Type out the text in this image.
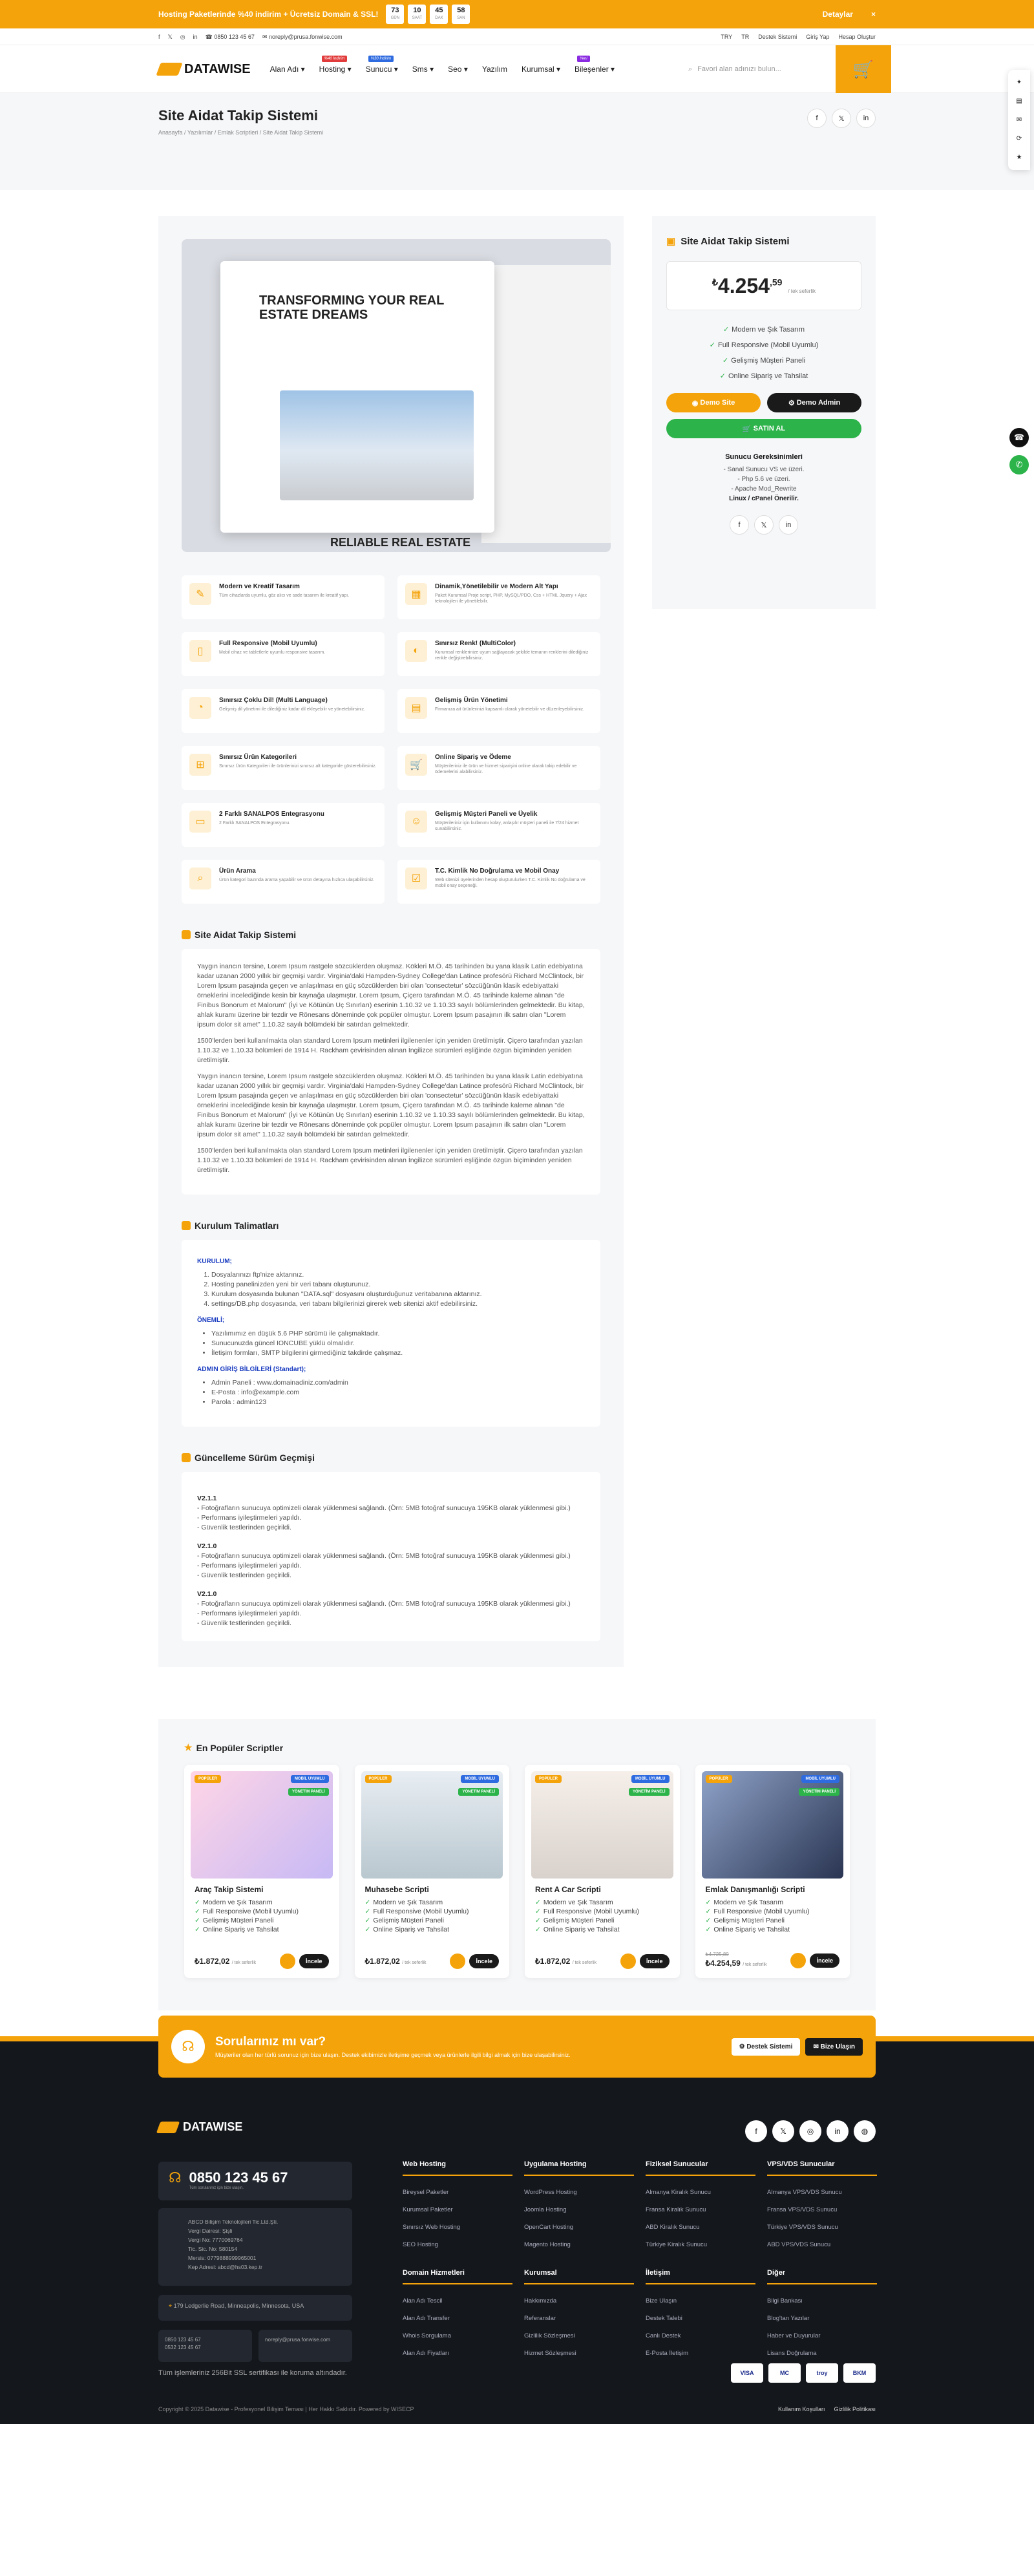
Hosting Paketlerinde %40 indirim + Ücretsiz Domain & SSL!	73
GÜN
10
SAAT
45
DAK
58
SAN	Detaylar ×
f 𝕏 ◎ in ☎ 0850 123 45 67 ✉ noreply@prusa.fonwise.com	TRY TR Destek Sistemi Giriş Yap Hesap Oluştur
DATAWISE	Alan Adı ▾
%40 İndirim
Hosting ▾
%30 İndirim
Sunucu ▾ Sms ▾ Seo ▾ Yazılım Kurumsal ▾
Yeni
Bileşenler ▾	⌕ Favori alan adınızı bulun...	🛒
Site Aidat Takip Sistemi
Anasayfa / Yazılımlar / Emlak Scriptleri / Site Aidat Takip Sistemi
f	𝕏	in
✦
▤
✉
⟳
★
☎
✆
TRANSFORMING YOUR REAL ESTATE DREAMS
RELIABLE REAL ESTATE
✎
Modern ve Kreatif Tasarım

Tüm cihazlarda uyumlu, göz alıcı ve sade tasarım ile kreatif yapı.	▦
Dinamik,Yönetilebilir ve Modern Alt Yapı

Paket Kurumsal Proje script, PHP, MySQL/PDO, Css + HTML Jquery + Ajax teknolojileri ile yönetilebilir.

▯
Full Responsive (Mobil Uyumlu)

Mobil cihaz ve tabletlerle uyumlu responsive tasarım.	◐
Sınırsız Renk! (MultiColor)

Kurumsal renklerinize uyum sağlayacak şekilde temanın renklerini dilediğiniz renkle değiştirebilirsiniz.

◔
Sınırsız Çoklu Dil! (Multi Language)

Gelişmiş dil yönetimi ile dilediğiniz kadar dil ekleyebilir ve yönetebilirsiniz.	▤
Gelişmiş Ürün Yönetimi

Firmanıza ait ürünlerinizi kapsamlı olarak yönetebilir ve düzenleyebilirsiniz.

⊞
Sınırsız Ürün Kategorileri

Sınırsız Ürün Kategorileri ile ürünlerinizi sınırsız alt kategoride gösterebilirsiniz.	🛒
Online Sipariş ve Ödeme

Müşterileriniz ile ürün ve hizmet siparişini online olarak takip edebilir ve ödemelerini alabilirsiniz.

▭
2 Farklı SANALPOS Entegrasyonu

2 Farklı SANALPOS Entegrasyonu.	☺
Gelişmiş Müşteri Paneli ve Üyelik

Müşterileriniz için kullanımı kolay, anlaşılır müşteri paneli ile 7/24 hizmet sunabilirsiniz.

⌕
Ürün Arama

Ürün kategori bazında arama yapabilir ve ürün detayına hızlıca ulaşabilirsiniz.	☑
T.C. Kimlik No Doğrulama ve Mobil Onay

Web sitenizi üyelerinden hesap oluşturulurken T.C. Kimlik No doğrulama ve mobil onay seçeneği.

Site Aidat Takip Sistemi

Yaygın inancın tersine, Lorem Ipsum rastgele sözcüklerden oluşmaz. Kökleri M.Ö. 45 tarihinden bu yana klasik Latin edebiyatına kadar uzanan 2000 yıllık bir geçmişi vardır. Virginia'daki Hampden-Sydney College'dan Latince profesörü Richard McClintock, bir Lorem Ipsum pasajında geçen ve anlaşılması en güç sözcüklerden biri olan 'consectetur' sözcüğünün klasik edebiyattaki örneklerini incelediğinde kesin bir kaynağa ulaşmıştır. Lorem Ipsum, Çiçero tarafından M.Ö. 45 tarihinde kaleme alınan "de Finibus Bonorum et Malorum" (İyi ve Kötünün Uç Sınırları) eserinin 1.10.32 ve 1.10.33 sayılı bölümlerinden gelmektedir. Bu kitap, ahlak kuramı üzerine bir tezdir ve Rönesans döneminde çok popüler olmuştur. Lorem Ipsum pasajının ilk satırı olan "Lorem ipsum dolor sit amet" 1.10.32 sayılı bölümdeki bir satırdan gelmektedir.

1500'lerden beri kullanılmakta olan standard Lorem Ipsum metinleri ilgilenenler için yeniden üretilmiştir. Çiçero tarafından yazılan 1.10.32 ve 1.10.33 bölümleri de 1914 H. Rackham çevirisinden alınan İngilizce sürümleri eşliğinde özgün biçiminden yeniden üretilmiştir.

Yaygın inancın tersine, Lorem Ipsum rastgele sözcüklerden oluşmaz. Kökleri M.Ö. 45 tarihinden bu yana klasik Latin edebiyatına kadar uzanan 2000 yıllık bir geçmişi vardır. Virginia'daki Hampden-Sydney College'dan Latince profesörü Richard McClintock, bir Lorem Ipsum pasajında geçen ve anlaşılması en güç sözcüklerden biri olan 'consectetur' sözcüğünün klasik edebiyattaki örneklerini incelediğinde kesin bir kaynağa ulaşmıştır. Lorem Ipsum, Çiçero tarafından M.Ö. 45 tarihinde kaleme alınan "de Finibus Bonorum et Malorum" (İyi ve Kötünün Uç Sınırları) eserinin 1.10.32 ve 1.10.33 sayılı bölümlerinden gelmektedir. Bu kitap, ahlak kuramı üzerine bir tezdir ve Rönesans döneminde çok popüler olmuştur. Lorem Ipsum pasajının ilk satırı olan "Lorem ipsum dolor sit amet" 1.10.32 sayılı bölümdeki bir satırdan gelmektedir.

1500'lerden beri kullanılmakta olan standard Lorem Ipsum metinleri ilgilenenler için yeniden üretilmiştir. Çiçero tarafından yazılan 1.10.32 ve 1.10.33 bölümleri de 1914 H. Rackham çevirisinden alınan İngilizce sürümleri eşliğinde özgün biçiminden yeniden üretilmiştir.

Kurulum Talimatları
KURULUM;
1. Dosyalarınızı ftp'nize aktarınız.
2. Hosting panelinizden yeni bir veri tabanı oluşturunuz.
3. Kurulum dosyasında bulunan "DATA.sql" dosyasını oluşturduğunuz veritabanına aktarınız.
4. settings/DB.php dosyasında, veri tabanı bilgilerinizi girerek web sitenizi aktif edebilirsiniz.
ÖNEMLİ;
• Yazılımımız en düşük 5.6 PHP sürümü ile çalışmaktadır.
• Sunucunuzda güncel IONCUBE yüklü olmalıdır.
• İletişim formları, SMTP bilgilerini girmediğiniz takdirde çalışmaz.
ADMIN GİRİŞ BİLGİLERİ (Standart);
• Admin Paneli : www.domainadiniz.com/admin
• E-Posta : info@example.com
• Parola : admin123
Güncelleme Sürüm Geçmişi
V2.1.1
- Fotoğrafların sunucuya optimizeli olarak yüklenmesi sağlandı. (Örn: 5MB fotoğraf sunucuya 195KB olarak yüklenmesi gibi.)
- Performans iyileştirmeleri yapıldı.
- Güvenlik testlerinden geçirildi.
V2.1.0
- Fotoğrafların sunucuya optimizeli olarak yüklenmesi sağlandı. (Örn: 5MB fotoğraf sunucuya 195KB olarak yüklenmesi gibi.)
- Performans iyileştirmeleri yapıldı.
- Güvenlik testlerinden geçirildi.
V2.1.0
- Fotoğrafların sunucuya optimizeli olarak yüklenmesi sağlandı. (Örn: 5MB fotoğraf sunucuya 195KB olarak yüklenmesi gibi.)
- Performans iyileştirmeleri yapıldı.
- Güvenlik testlerinden geçirildi.
▣ Site Aidat Takip Sistemi
$^₺4.254^{,59}$ / tek seferlik
✓ Modern ve Şık Tasarım
✓ Full Responsive (Mobil Uyumlu)
✓ Gelişmiş Müşteri Paneli
✓ Online Sipariş ve Tahsilat
◉ Demo Site	⚙ Demo Admin
🛒 SATIN AL
Sunucu Gereksinimleri
- Sanal Sunucu VS ve üzeri.
- Php 5.6 ve üzeri.
- Apache Mod_Rewrite
Linux / cPanel Önerilir.
f	𝕏	in
★ En Popüler Scriptler
POPÜLER	MOBİL UYUMLU
YÖNETİM PANELİ
Araç Takip Sistemi
✓ Modern ve Şık Tasarım
✓ Full Responsive (Mobil Uyumlu)
✓ Gelişmiş Müşteri Paneli
✓ Online Sipariş ve Tahsilat
₺1.872,02 / tek seferlik	İncele
POPÜLER	MOBİL UYUMLU
YÖNETİM PANELİ
Muhasebe Scripti
✓ Modern ve Şık Tasarım
✓ Full Responsive (Mobil Uyumlu)
✓ Gelişmiş Müşteri Paneli
✓ Online Sipariş ve Tahsilat
₺1.872,02 / tek seferlik	İncele
POPÜLER	MOBİL UYUMLU
YÖNETİM PANELİ
Rent A Car Scripti
✓ Modern ve Şık Tasarım
✓ Full Responsive (Mobil Uyumlu)
✓ Gelişmiş Müşteri Paneli
✓ Online Sipariş ve Tahsilat
₺1.872,02 / tek seferlik	İncele
POPÜLER	MOBİL UYUMLU
YÖNETİM PANELİ
Emlak Danışmanlığı Scripti
✓ Modern ve Şık Tasarım
✓ Full Responsive (Mobil Uyumlu)
✓ Gelişmiş Müşteri Paneli
✓ Online Sipariş ve Tahsilat
₺4.725,89
₺4.254,59 / tek seferlik
İncele
☊	Sorularınız mı var?

Müşteriler olan her türlü sorunuz için bize ulaşın. Destek ekibimizle iletişime geçmek veya ürünlerle ilgili bilgi almak için bize ulaşabilirsiniz.

⚙ Destek Sistemi	✉ Bize Ulaşın
DATAWISE	f	𝕏	◎	in	◍
☊ 0850 123 45 67

Tüm sorularınız için bize ulaşın.

ABCD Bilişim Teknolojileri Tic.Ltd.Şti.
Vergi Dairesi: Şişli
Vergi No: 7770069764
Tic. Sic. No: 580154
Mersis: 0779888999965001
Kep Adresi: abcd@hs03.kep.tr
⌖ 179 Ledgerlie Road, Minneapolis, Minnesota, USA
0850 123 45 67
0532 123 45 67
noreply@prusa.fonwise.com
Web Hosting
Bireysel Paketler
Kurumsal Paketler
Sınırsız Web Hosting
SEO Hosting
Uygulama Hosting
WordPress Hosting
Joomla Hosting
OpenCart Hosting
Magento Hosting
Fiziksel Sunucular
Almanya Kiralık Sunucu
Fransa Kiralık Sunucu
ABD Kiralık Sunucu
Türkiye Kiralık Sunucu
VPS/VDS Sunucular
Almanya VPS/VDS Sunucu
Fransa VPS/VDS Sunucu
Türkiye VPS/VDS Sunucu
ABD VPS/VDS Sunucu
Domain Hizmetleri
Alan Adı Tescil
Alan Adı Transfer
Whois Sorgulama
Alan Adı Fiyatları
Kurumsal
Hakkımızda
Referanslar
Gizlilik Sözleşmesi
Hizmet Sözleşmesi
İletişim
Bize Ulaşın
Destek Talebi
Canlı Destek
E-Posta İletişim
Diğer
Bilgi Bankası
Blog'tan Yazılar
Haber ve Duyurular
Lisans Doğrulama
Tüm işlemleriniz 256Bit SSL sertifikası ile koruma altındadır.	VISA	MC	troy	BKM
Copyright © 2025 Datawise - Profesyonel Bilişim Teması | Her Hakkı Saklıdır. Powered by WISECP	Kullanım Koşulları Gizlilik Politikası
